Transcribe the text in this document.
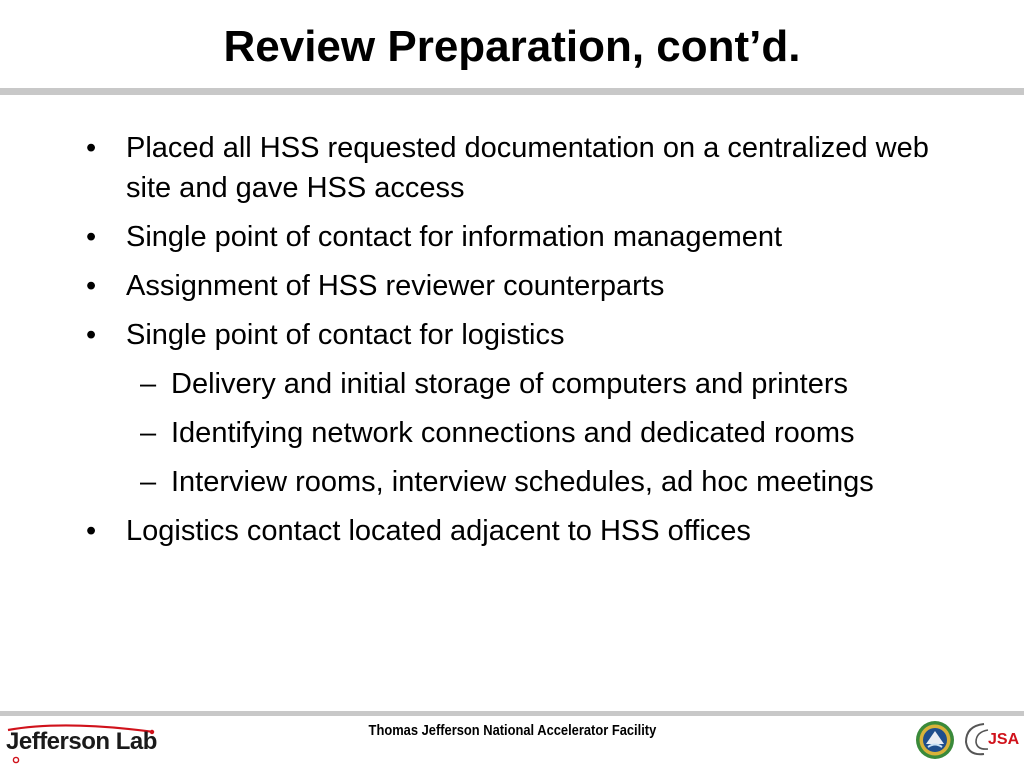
Review Preparation, cont’d.
• Placed all HSS requested documentation on a centralized web site and gave HSS access
• Single point of contact for information management
• Assignment of HSS reviewer counterparts
• Single point of contact for logistics
– Delivery and initial storage of computers and printers
– Identifying network connections and dedicated rooms
– Interview rooms, interview schedules, ad hoc meetings
• Logistics contact located adjacent to HSS offices
Thomas Jefferson National Accelerator Facility
Jefferson Lab	JSA
